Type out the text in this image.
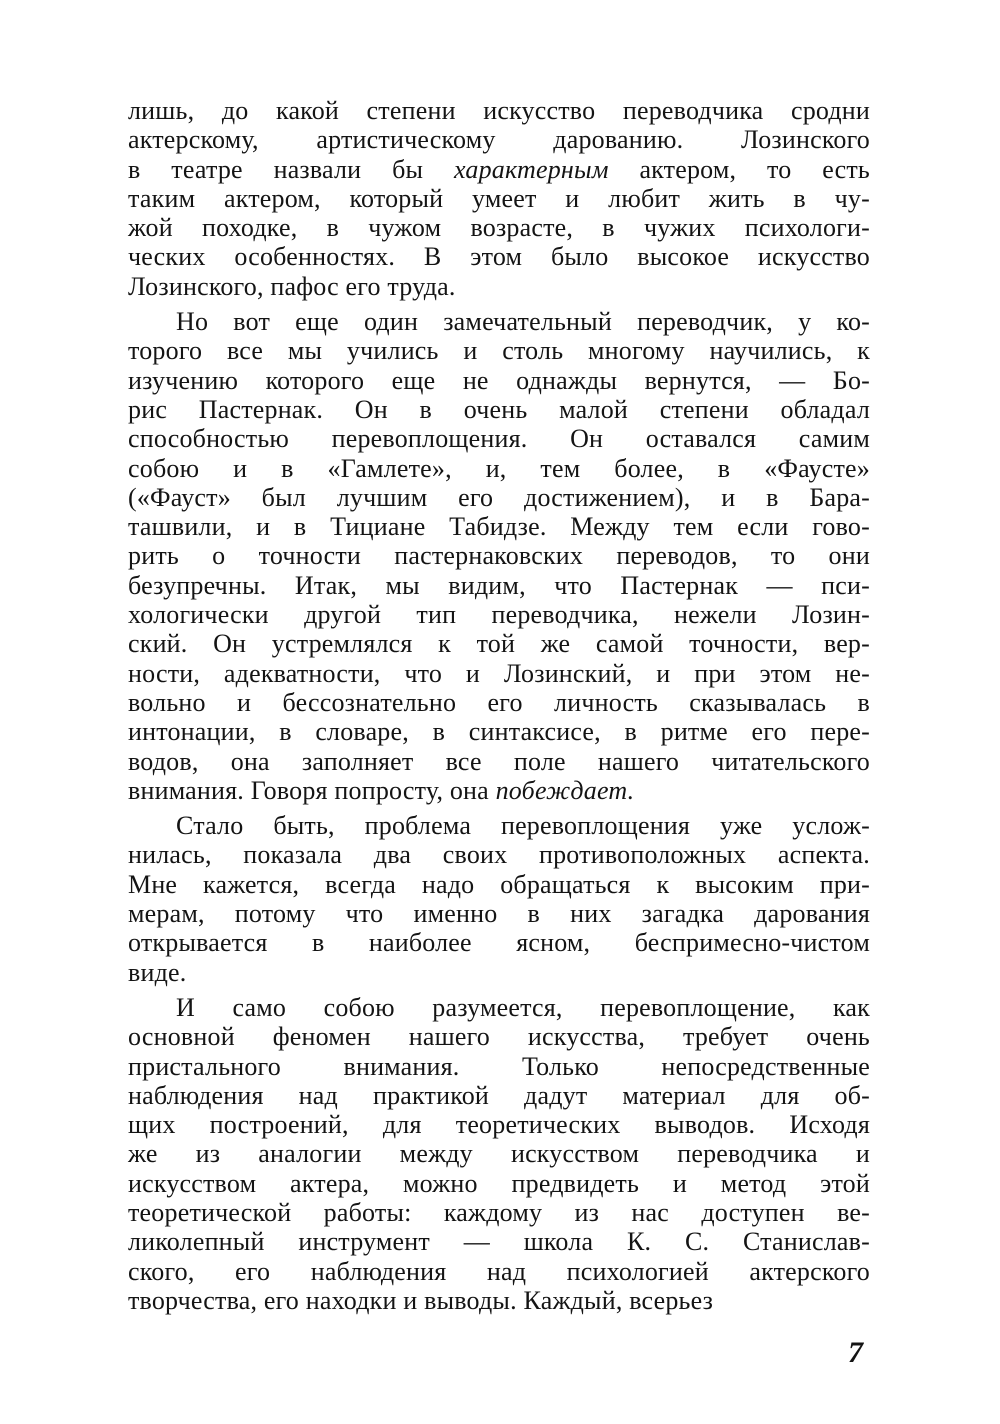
лишь, до какой степени искусство переводчика сродни
актерскому, артистическому дарованию. Лозинского
в театре назвали бы характерным актером, то есть
таким актером, который умеет и любит жить в чу-
жой походке, в чужом возрасте, в чужих психологи-
ческих особенностях. В этом было высокое искусство
Лозинского, пафос его труда.
Но вот еще один замечательный переводчик, у ко-
торого все мы учились и столь многому научились, к
изучению которого еще не однажды вернутся, — Бо-
рис Пастернак. Он в очень малой степени обладал
способностью перевоплощения. Он оставался самим
собою и в «Гамлете», и, тем более, в «Фаусте»
(«Фауст» был лучшим его достижением), и в Бара-
ташвили, и в Тициане Табидзе. Между тем если гово-
рить о точности пастернаковских переводов, то они
безупречны. Итак, мы видим, что Пастернак — пси-
хологически другой тип переводчика, нежели Лозин-
ский. Он устремлялся к той же самой точности, вер-
ности, адекватности, что и Лозинский, и при этом не-
вольно и бессознательно его личность сказывалась в
интонации, в словаре, в синтаксисе, в ритме его пере-
водов, она заполняет все поле нашего читательского
внимания. Говоря попросту, она побеждает.
Стало быть, проблема перевоплощения уже услож-
нилась, показала два своих противоположных аспекта.
Мне кажется, всегда надо обращаться к высоким при-
мерам, потому что именно в них загадка дарования
открывается в наиболее ясном, беспримесно-чистом
виде.
И само собою разумеется, перевоплощение, как
основной феномен нашего искусства, требует очень
пристального внимания. Только непосредственные
наблюдения над практикой дадут материал для об-
щих построений, для теоретических выводов. Исходя
же из аналогии между искусством переводчика и
искусством актера, можно предвидеть и метод этой
теоретической работы: каждому из нас доступен ве-
ликолепный инструмент — школа К. С. Станислав-
ского, его наблюдения над психологией актерского
творчества, его находки и выводы. Каждый, всерьез
7
